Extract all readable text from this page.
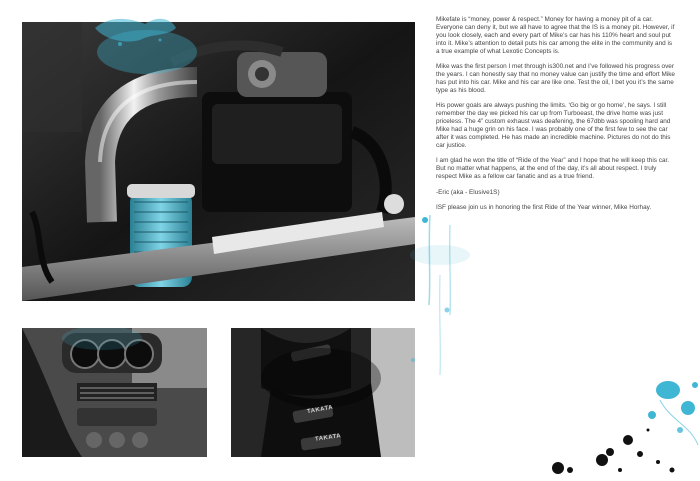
TAKATA
TAKATA

Mikefate is “money, power & respect.” Money for having a money pit of a car. Everyone can deny it, but we all have to agree that the IS is a money pit. However, if you look closely, each and every part of Mike’s car has his 110% heart and soul put into it. Mike’s attention to detail puts his car among the elite in the community and is a true example of what Lexotic Concepts is.

Mike was the first person I met through is300.net and I’ve followed his progress over the years. I can honestly say that no money value can justify the time and effort Mike has put into his car. Mike and his car are like one. Test the oil, I bet you it’s the same type as his blood.

His power goals are always pushing the limits. ‘Go big or go home’, he says. I still remember the day we picked his car up from Turboeast, the drive home was just priceless. The 4” custom exhaust was deafening, the 67dbb was spooling hard and Mike had a huge grin on his face. I was probably one of the first few to see the car after it was completed. He has made an incredible machine. Pictures do not do this car justice.

I am glad he won the title of “Ride of the Year” and I hope that he will keep this car. But no matter what happens, at the end of the day, it’s all about respect. I truly respect Mike as a fellow car fanatic and as a true friend.

-Eric (aka - Elusive1S)

ISF please join us in honoring the first Ride of the Year winner, Mike Horhay.
